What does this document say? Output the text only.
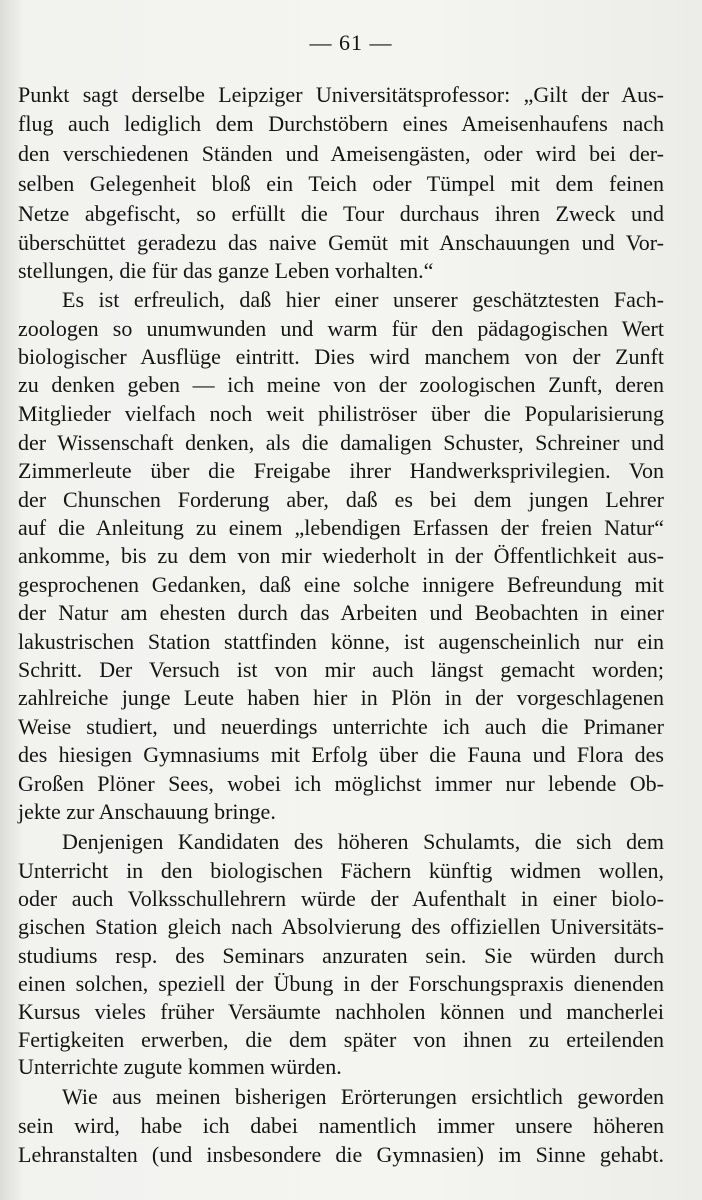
— 61 —
Punkt sagt derselbe Leipziger Universitätsprofessor: „Gilt der Aus-
flug auch lediglich dem Durchstöbern eines Ameisenhaufens nach
den verschiedenen Ständen und Ameisengästen, oder wird bei der-
selben Gelegenheit bloß ein Teich oder Tümpel mit dem feinen
Netze abgefischt, so erfüllt die Tour durchaus ihren Zweck und
überschüttet geradezu das naive Gemüt mit Anschauungen und Vor-
stellungen, die für das ganze Leben vorhalten.“
Es ist erfreulich, daß hier einer unserer geschätztesten Fach-
zoologen so unumwunden und warm für den pädagogischen Wert
biologischer Ausflüge eintritt. Dies wird manchem von der Zunft
zu denken geben — ich meine von der zoologischen Zunft, deren
Mitglieder vielfach noch weit philiströser über die Popularisierung
der Wissenschaft denken, als die damaligen Schuster, Schreiner und
Zimmerleute über die Freigabe ihrer Handwerksprivilegien. Von
der Chunschen Forderung aber, daß es bei dem jungen Lehrer
auf die Anleitung zu einem „lebendigen Erfassen der freien Natur“
ankomme, bis zu dem von mir wiederholt in der Öffentlichkeit aus-
gesprochenen Gedanken, daß eine solche innigere Befreundung mit
der Natur am ehesten durch das Arbeiten und Beobachten in einer
lakustrischen Station stattfinden könne, ist augenscheinlich nur ein
Schritt. Der Versuch ist von mir auch längst gemacht worden;
zahlreiche junge Leute haben hier in Plön in der vorgeschlagenen
Weise studiert, und neuerdings unterrichte ich auch die Primaner
des hiesigen Gymnasiums mit Erfolg über die Fauna und Flora des
Großen Plöner Sees, wobei ich möglichst immer nur lebende Ob-
jekte zur Anschauung bringe.
Denjenigen Kandidaten des höheren Schulamts, die sich dem
Unterricht in den biologischen Fächern künftig widmen wollen,
oder auch Volksschullehrern würde der Aufenthalt in einer biolo-
gischen Station gleich nach Absolvierung des offiziellen Universitäts-
studiums resp. des Seminars anzuraten sein. Sie würden durch
einen solchen, speziell der Übung in der Forschungspraxis dienenden
Kursus vieles früher Versäumte nachholen können und mancherlei
Fertigkeiten erwerben, die dem später von ihnen zu erteilenden
Unterrichte zugute kommen würden.
Wie aus meinen bisherigen Erörterungen ersichtlich geworden
sein wird, habe ich dabei namentlich immer unsere höheren
Lehranstalten (und insbesondere die Gymnasien) im Sinne gehabt.
